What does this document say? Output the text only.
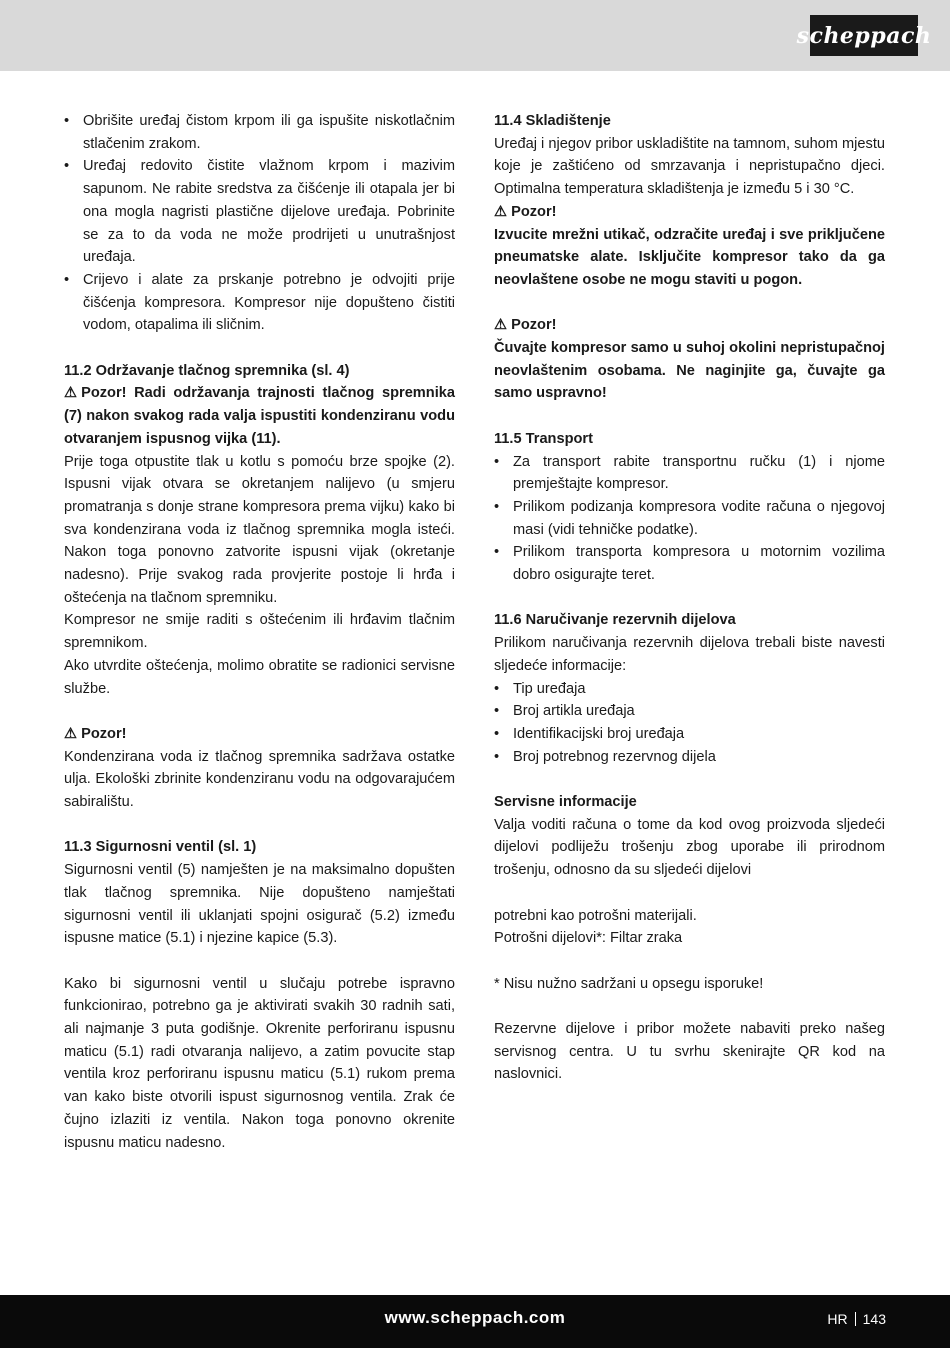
scheppach
• Obrišite uređaj čistom krpom ili ga ispušite niskotlačnim stlačenim zrakom.
• Uređaj redovito čistite vlažnom krpom i mazivim sapunom. Ne rabite sredstva za čišćenje ili otapala jer bi ona mogla nagristi plastične dijelove uređaja. Pobrinite se za to da voda ne može prodrijeti u unutrašnjost uređaja.
• Crijevo i alate za prskanje potrebno je odvojiti prije čišćenja kompresora. Kompresor nije dopušteno čistiti vodom, otapalima ili sličnim.
11.2 Održavanje tlačnog spremnika (sl. 4)

⚠ Pozor! Radi održavanja trajnosti tlačnog spremnika (7) nakon svakog rada valja ispustiti kondenziranu vodu otvaranjem ispusnog vijka (11).

Prije toga otpustite tlak u kotlu s pomoću brze spojke (2). Ispusni vijak otvara se okretanjem nalijevo (u smjeru promatranja s donje strane kompresora prema vijku) kako bi sva kondenzirana voda iz tlačnog spremnika mogla isteći. Nakon toga ponovno zatvorite ispusni vijak (okretanje nadesno). Prije svakog rada provjerite postoje li hrđa i oštećenja na tlačnom spremniku.

Kompresor ne smije raditi s oštećenim ili hrđavim tlačnim spremnikom.

Ako utvrdite oštećenja, molimo obratite se radionici servisne službe.

⚠ Pozor!

Kondenzirana voda iz tlačnog spremnika sadržava ostatke ulja. Ekološki zbrinite kondenziranu vodu na odgovarajućem sabiralištu.

11.3 Sigurnosni ventil (sl. 1)

Sigurnosni ventil (5) namješten je na maksimalno dopušten tlak tlačnog spremnika. Nije dopušteno namještati sigurnosni ventil ili uklanjati spojni osigurač (5.2) između ispusne matice (5.1) i njezine kapice (5.3).

Kako bi sigurnosni ventil u slučaju potrebe ispravno funkcionirao, potrebno ga je aktivirati svakih 30 radnih sati, ali najmanje 3 puta godišnje. Okrenite perforiranu ispusnu maticu (5.1) radi otvaranja nalijevo, a zatim povucite stap ventila kroz perforiranu ispusnu maticu (5.1) rukom prema van kako biste otvorili ispust sigurnosnog ventila. Zrak će čujno izlaziti iz ventila. Nakon toga ponovno okrenite ispusnu maticu nadesno.

11.4 Skladištenje

Uređaj i njegov pribor uskladištite na tamnom, suhom mjestu koje je zaštićeno od smrzavanja i nepristupačno djeci. Optimalna temperatura skladištenja je između 5 i 30 °C.

⚠ Pozor!

Izvucite mrežni utikač, odzračite uređaj i sve priključene pneumatske alate. Isključite kompresor tako da ga neovlaštene osobe ne mogu staviti u pogon.

⚠ Pozor!

Čuvajte kompresor samo u suhoj okolini nepristupačnoj neovlaštenim osobama. Ne naginjite ga, čuvajte ga samo uspravno!

11.5 Transport
• Za transport rabite transportnu ručku (1) i njome premještajte kompresor.
• Prilikom podizanja kompresora vodite računa o njegovoj masi (vidi tehničke podatke).
• Prilikom transporta kompresora u motornim vozilima dobro osigurajte teret.
11.6 Naručivanje rezervnih dijelova

Prilikom naručivanja rezervnih dijelova trebali biste navesti sljedeće informacije:

• Tip uređaja
• Broj artikla uređaja
• Identifikacijski broj uređaja
• Broj potrebnog rezervnog dijela
Servisne informacije

Valja voditi računa o tome da kod ovog proizvoda sljedeći dijelovi podliježu trošenju zbog uporabe ili prirodnom trošenju, odnosno da su sljedeći dijelovi

potrebni kao potrošni materijali.

Potrošni dijelovi*: Filtar zraka

* Nisu nužno sadržani u opsegu isporuke!

Rezervne dijelove i pribor možete nabaviti preko našeg servisnog centra. U tu svrhu skenirajte QR kod na naslovnici.

www.scheppach.com	HR 143
